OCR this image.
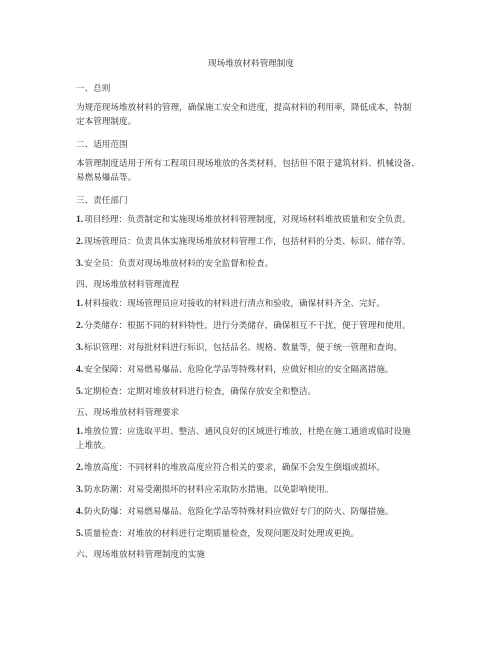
现场堆放材料管理制度
一、总则
为规范现场堆放材料的管理，确保施工安全和进度，提高材料的利用率，降低成本，特制
定本管理制度。
二、适用范围
本管理制度适用于所有工程项目现场堆放的各类材料，包括但不限于建筑材料、机械设备、
易燃易爆品等。
三、责任部门
1.项目经理：负责制定和实施现场堆放材料管理制度，对现场材料堆放质量和安全负责。
2.现场管理员：负责具体实施现场堆放材料管理工作，包括材料的分类、标识、储存等。
3.安全员：负责对现场堆放材料的安全监督和检查。
四、现场堆放材料管理流程
1.材料接收：现场管理员应对接收的材料进行清点和验收，确保材料齐全、完好。
2.分类储存：根据不同的材料特性，进行分类储存，确保相互不干扰，便于管理和使用。
3.标识管理：对每批材料进行标识，包括品名、规格、数量等，便于统一管理和查询。
4.安全保障：对易燃易爆品、危险化学品等特殊材料，应做好相应的安全隔离措施。
5.定期检查：定期对堆放材料进行检查，确保存放安全和整洁。
五、现场堆放材料管理要求
1.堆放位置：应选取平坦、整洁、通风良好的区域进行堆放，杜绝在施工通道或临时设施
上堆放。
2.堆放高度：不同材料的堆放高度应符合相关的要求，确保不会发生倒塌或损坏。
3.防水防潮：对易受潮损坏的材料应采取防水措施，以免影响使用。
4.防火防爆：对易燃易爆品、危险化学品等特殊材料应做好专门的防火、防爆措施。
5.质量检查：对堆放的材料进行定期质量检查，发现问题及时处理或更换。
六、现场堆放材料管理制度的实施
